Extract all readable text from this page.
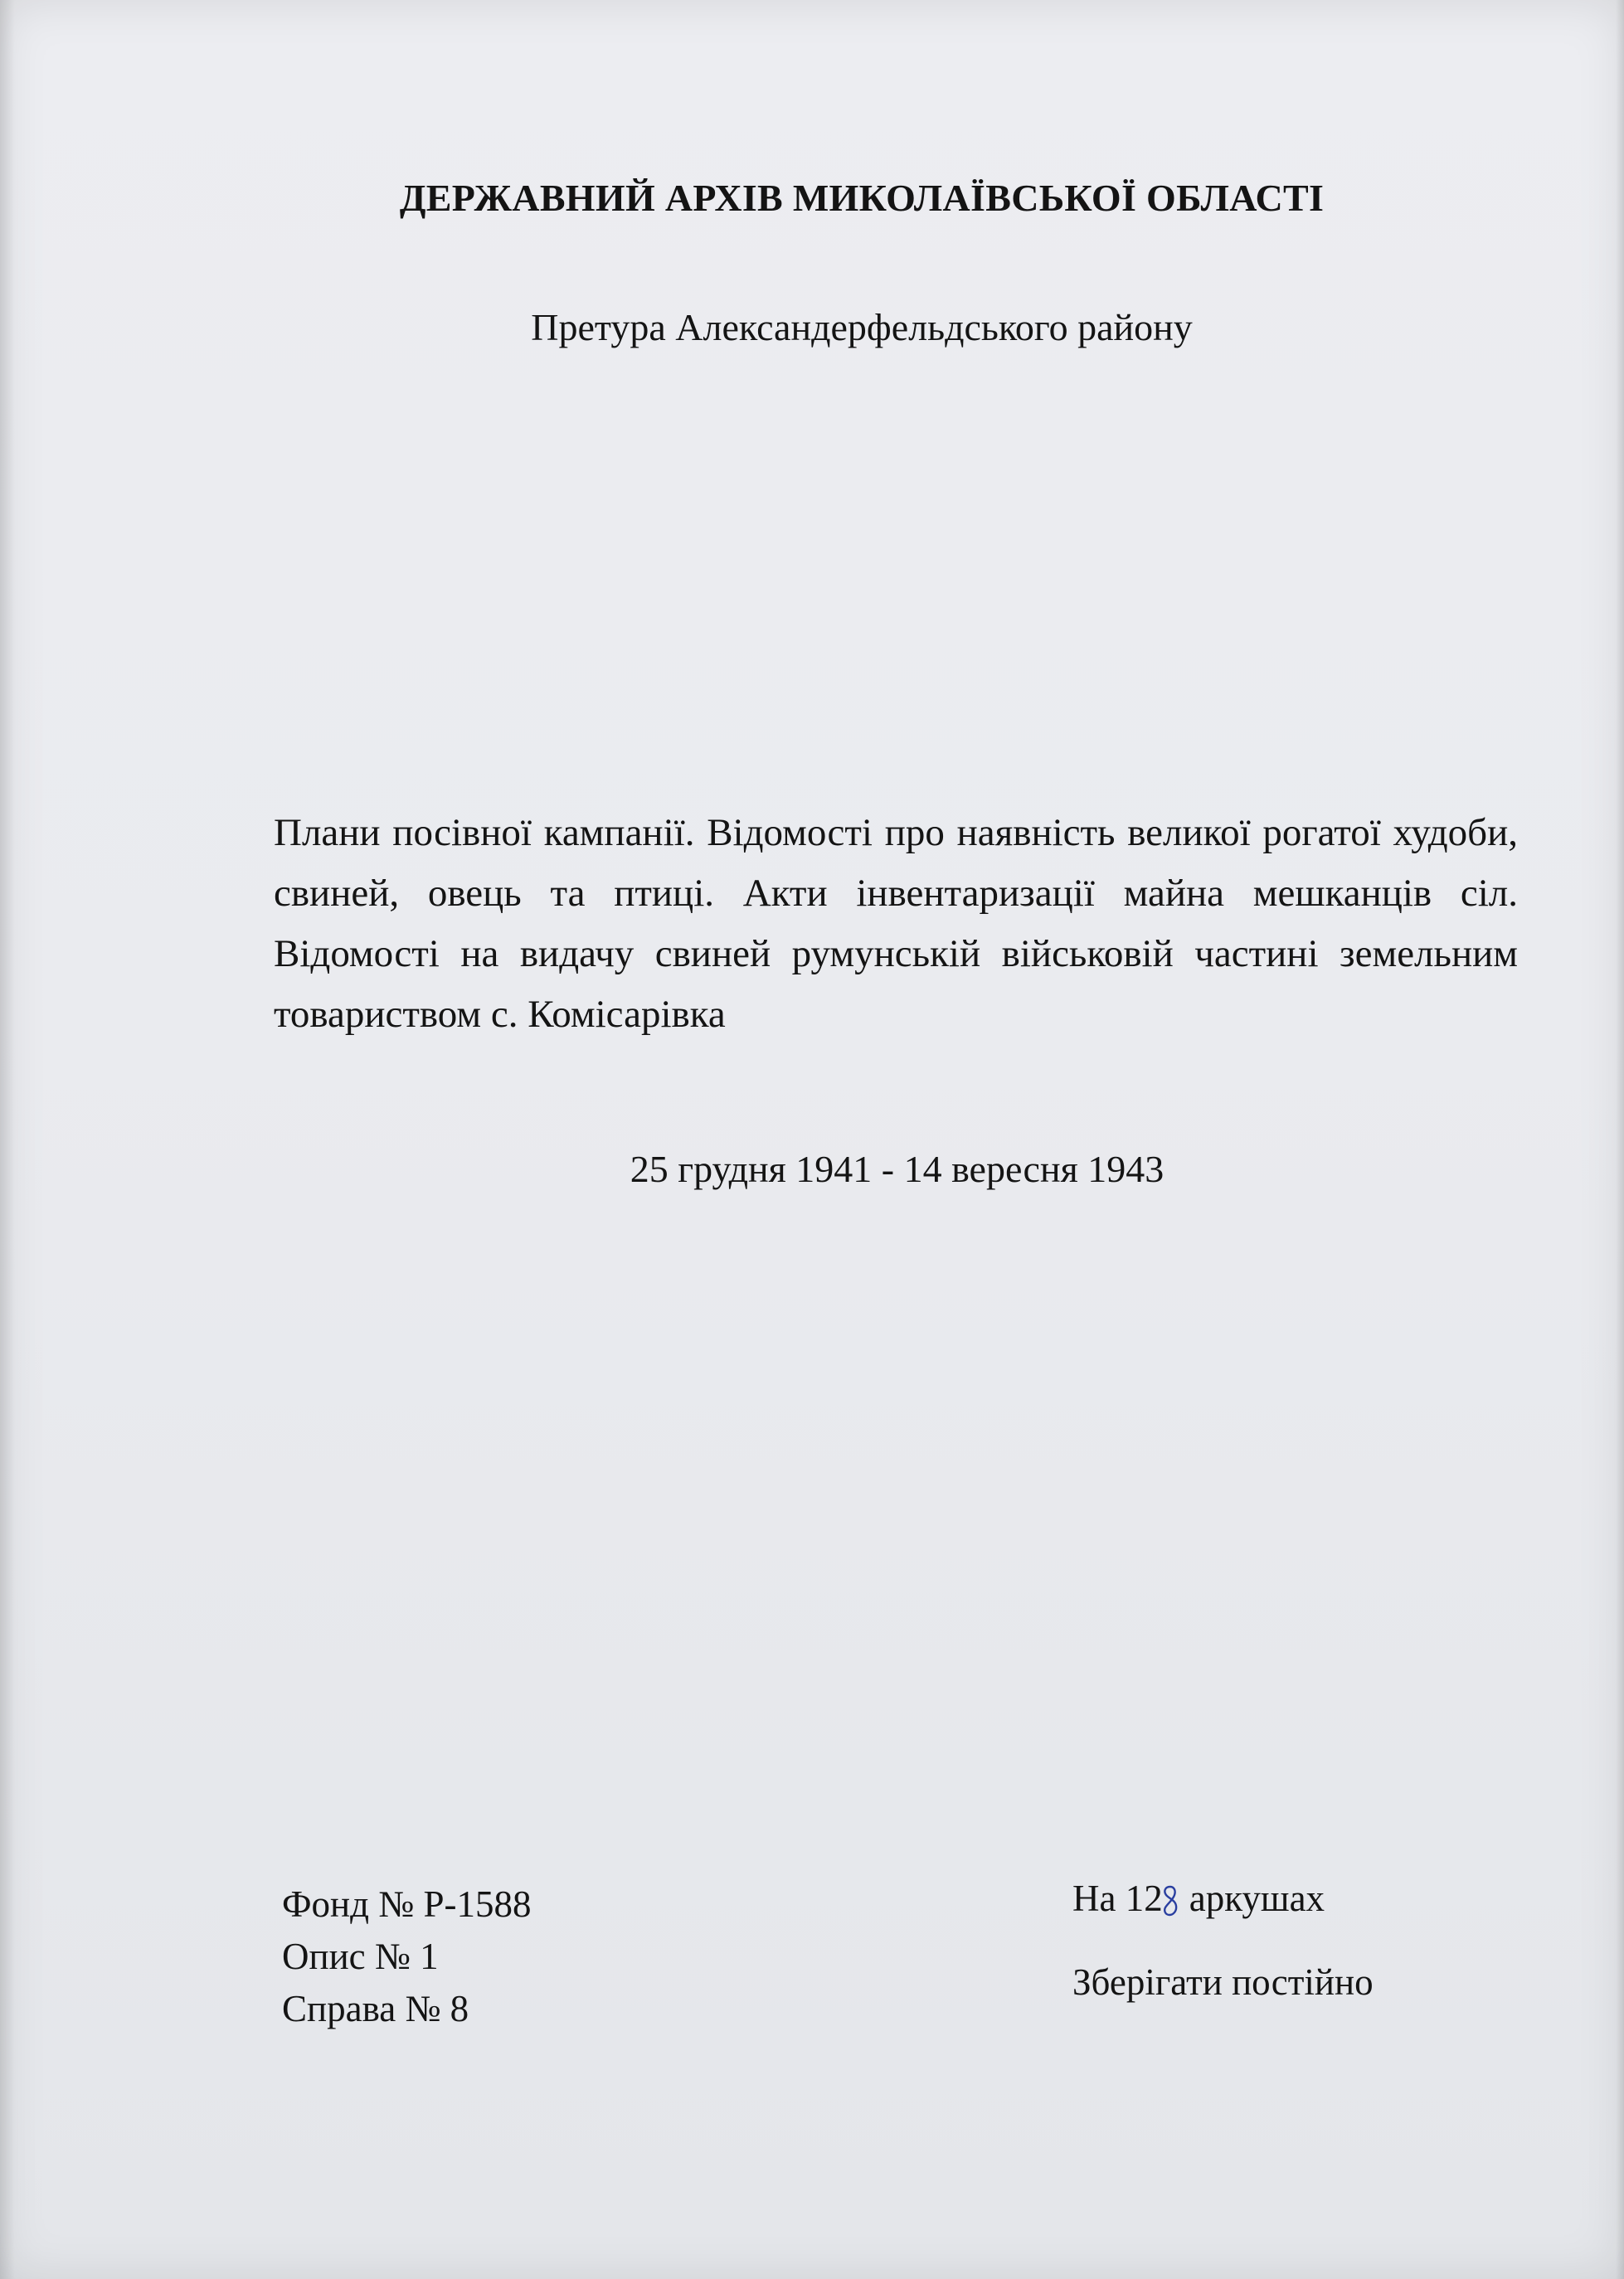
ДЕРЖАВНИЙ АРХІВ МИКОЛАЇВСЬКОЇ ОБЛАСТІ
Претура Александерфельдського району
Плани посівної кампанії. Відомості про наявність великої рогатої худоби, свиней, овець та птиці. Акти інвентаризації майна мешканців сіл. Відомості на видачу свиней румунській військовій частині земельним товариством с. Комісарівка
25 грудня 1941 - 14 вересня 1943
Фонд № Р-1588
Опис № 1
Справа № 8
На 12 аркушах
Зберігати постійно
